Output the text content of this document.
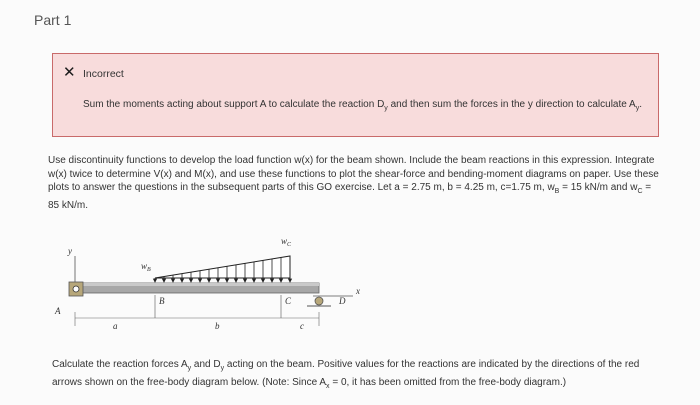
Part 1
✕ Incorrect
Sum the moments acting about support A to calculate the reaction $D_y$ and then sum the forces in the y direction to calculate $A_y$.
Use discontinuity functions to develop the load function w(x) for the beam shown. Include the beam reactions in this expression. Integrate w(x) twice to determine V(x) and M(x), and use these functions to plot the shear-force and bending-moment diagrams on paper. Use these plots to answer the questions in the subsequent parts of this GO exercise. Let a = 2.75 m, b = 4.25 m, c=1.75 m, $w_B = 15$ kN/m and $w_C = 85$ kN/m.
y
x
$w_B$
$w_C$
A
D
B	C
a	b	c
Calculate the reaction forces $A_y$ and $D_y$ acting on the beam. Positive values for the reactions are indicated by the directions of the red arrows shown on the free-body diagram below. (Note: Since $A_x = 0$, it has been omitted from the free-body diagram.)
